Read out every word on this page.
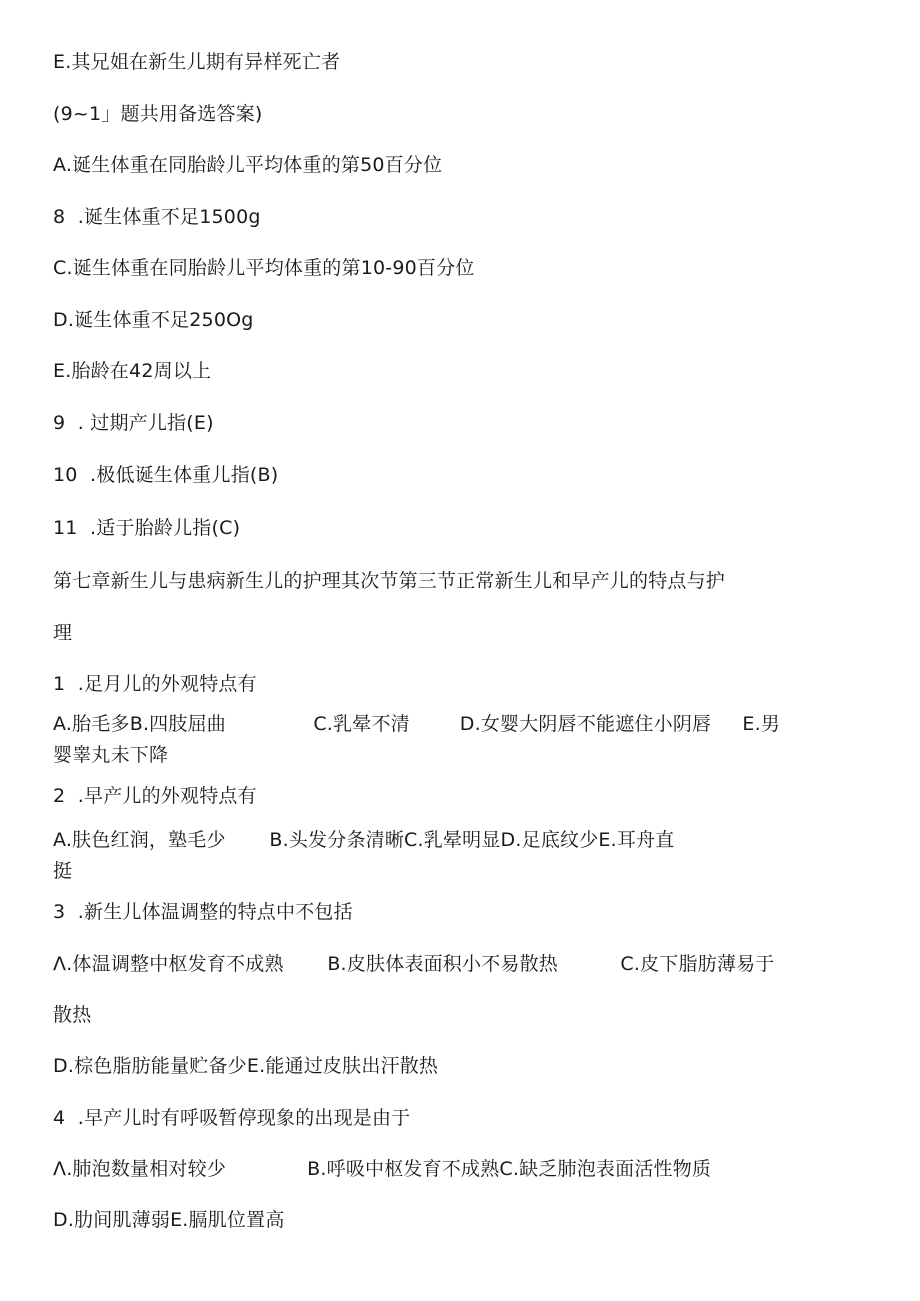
E.其兄姐在新生儿期有异样死亡者
(9~1」题共用备选答案)
A.诞生体重在同胎龄儿平均体重的第50百分位
8  .诞生体重不足1500g
C.诞生体重在同胎龄儿平均体重的第10-90百分位
D.诞生体重不足250Og
E.胎龄在42周以上
9  . 过期产儿指(E)
10  .极低诞生体重儿指(B)
11  .适于胎龄儿指(C)
第七章新生儿与患病新生儿的护理其次节第三节正常新生儿和早产儿的特点与护
理
1  .足月儿的外观特点有
A.胎毛多B.四肢屈曲              C.乳晕不清        D.女婴大阴唇不能遮住小阴唇     E.男
婴睾丸未下降
2  .早产儿的外观特点有
A.肤色红润，塾毛少       B.头发分条清晰C.乳晕明显D.足底纹少E.耳舟直
挺
3  .新生儿体温调整的特点中不包括
Λ.体温调整中枢发育不成熟       B.皮肤体表面积小不易散热          C.皮下脂肪薄易于
散热
D.棕色脂肪能量贮备少E.能通过皮肤出汗散热
4  .早产儿时有呼吸暂停现象的出现是由于
Λ.肺泡数量相对较少             B.呼吸中枢发育不成熟C.缺乏肺泡表面活性物质
D.肋间肌薄弱E.膈肌位置高
